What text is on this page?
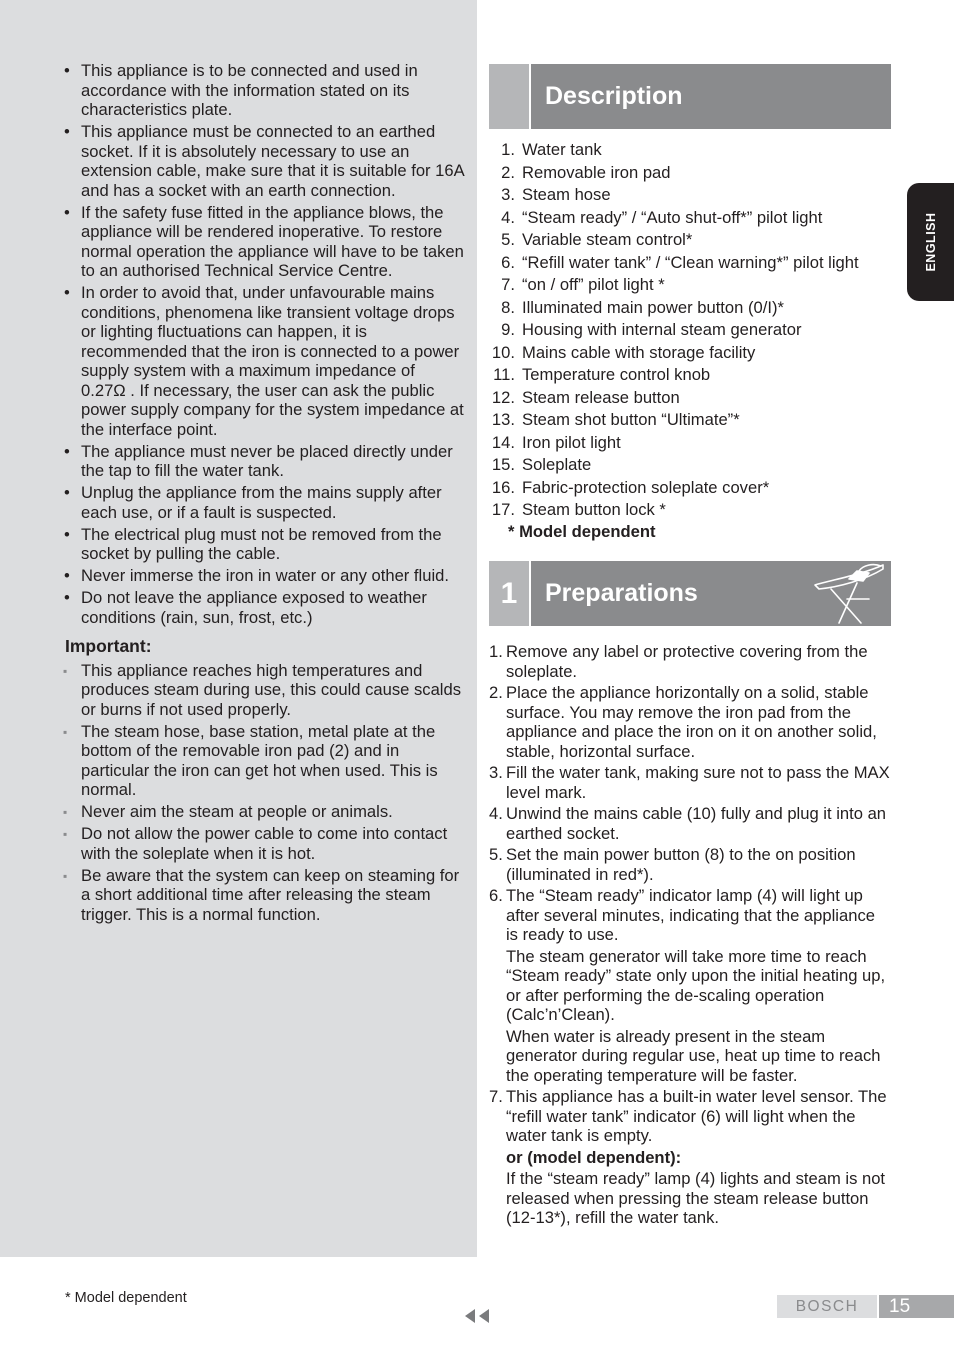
• This appliance is to be connected and used in accordance with the information stated on its characteristics plate.
• This appliance must be connected to an earthed socket. If it is absolutely necessary to use an extension cable, make sure that it is suitable for 16A and has a socket with an earth connection.
• If the safety fuse fitted in the appliance blows, the appliance will be rendered inoperative. To restore normal operation the appliance will have to be taken to an authorised Technical Service Centre.
• In order to avoid that, under unfavourable mains conditions, phenomena like transient voltage drops or lighting fluctuations can happen, it is recommended that the iron is connected to a power supply system with a maximum impedance of 0.27Ω . If necessary, the user can ask the public power supply company for the system impedance at the interface point.
• The appliance must never be placed directly under the tap to fill the water tank.
• Unplug the appliance from the mains supply after each use, or if a fault is suspected.
• The electrical plug must not be removed from the socket by pulling the cable.
• Never immerse the iron in water or any other fluid.
• Do not leave the appliance exposed to weather conditions (rain, sun, frost, etc.)
Important:
▪ This appliance reaches high temperatures and produces steam during use, this could cause scalds or burns if not used properly.
▪ The steam hose, base station, metal plate at the bottom of the removable iron pad (2) and in particular the iron can get hot when used. This is normal.
▪ Never aim the steam at people or animals.
▪ Do not allow the power cable to come into contact with the soleplate when it is hot.
▪ Be aware that the system can keep on steaming for a short additional time after releasing the steam trigger. This is a normal function.
Description
1. Water tank
2. Removable iron pad
3. Steam hose
4. “Steam ready” / “Auto shut-off*” pilot light
5. Variable steam control*
6. “Refill water tank” / “Clean warning*” pilot light
7. “on / off” pilot light *
8. Illuminated main power button (0/I)*
9. Housing with internal steam generator
10. Mains cable with storage facility
11. Temperature control knob
12. Steam release button
13. Steam shot button “Ultimate”*
14. Iron pilot light
15. Soleplate
16. Fabric-protection soleplate cover*
17. Steam button lock *
* Model dependent
1	Preparations
1. Remove any label or protective covering from the soleplate.
2. Place the appliance horizontally on a solid, stable surface. You may remove the iron pad from the appliance and place the iron on it on another solid, stable, horizontal surface.
3. Fill the water tank, making sure not to pass the MAX level mark.
4. Unwind the mains cable (10) fully and plug it into an earthed socket.
5. Set the main power button (8) to the on position (illuminated in red*).
6. The “Steam ready” indicator lamp (4) will light up after several minutes, indicating that the appliance is ready to use.

The steam generator will take more time to reach “Steam ready” state only upon the initial heating up, or after performing the de-scaling operation (Calc’n’Clean).

When water is already present in the steam generator during regular use, heat up time to reach the operating temperature will be faster.

7. This appliance has a built-in water level sensor. The “refill water tank” indicator (6) will light when the water tank is empty.

or (model dependent):

If the “steam ready” lamp (4) lights and steam is not released when pressing the steam release button (12-13*), refill the water tank.

ENGLISH
* Model dependent	BOSCH	15
